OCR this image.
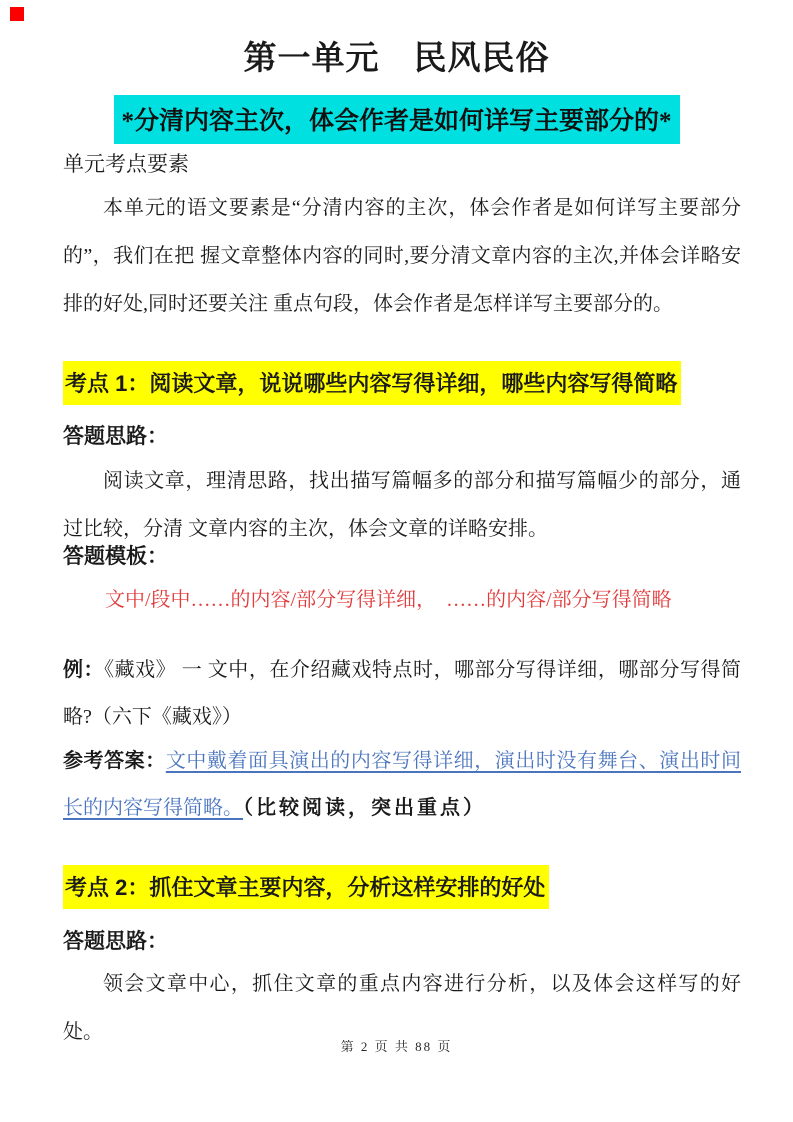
第一单元　民风民俗
*分清内容主次，体会作者是如何详写主要部分的*
单元考点要素
本单元的语文要素是“分清内容的主次，体会作者是如何详写主要部分的”，我们在把 握文章整体内容的同时,要分清文章内容的主次,并体会详略安排的好处,同时还要关注 重点句段，体会作者是怎样详写主要部分的。
考点 1：阅读文章，说说哪些内容写得详细，哪些内容写得简略
答题思路：
阅读文章，理清思路，找出描写篇幅多的部分和描写篇幅少的部分，通过比较，分清 文章内容的主次，体会文章的详略安排。
答题模板：
文中/段中……的内容/部分写得详细，　……的内容/部分写得简略
例：《藏戏》 一 文中，在介绍藏戏特点时，哪部分写得详细，哪部分写得简略?（六下《藏戏》）
参考答案：文中戴着面具演出的内容写得详细，演出时没有舞台、演出时间长的内容写得简略。（比较阅读，突出重点）
考点 2：抓住文章主要内容，分析这样安排的好处
答题思路：
领会文章中心，抓住文章的重点内容进行分析，以及体会这样写的好处。
第 2 页 共 88 页
